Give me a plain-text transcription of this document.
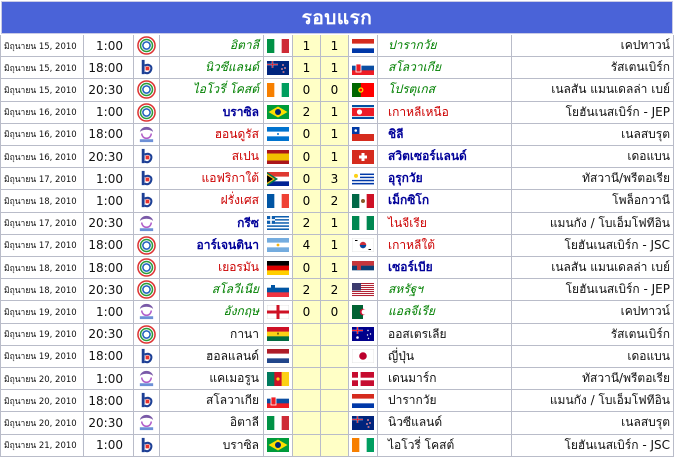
รอบแรก
มิถุนายน 15, 2010 1:00	อิตาลี	1 1	ปารากวัย	เคปทาวน์
มิถุนายน 15, 2010 18:00	นิวซีแลนด์	1 1	สโลวาเกีย	รัสเตนเบิร์ก
มิถุนายน 15, 2010 20:30	ไอโวรี่ โคสต์	0 0	โปรตุเกส	เนลสัน แมนเดลล่า เบย์
มิถุนายน 16, 2010 1:00	บราซิล	2 1	เกาหลีเหนือ	โยฮันเนสเบิร์ก - JEP
มิถุนายน 16, 2010 18:00	ฮอนดูรัส	0 1	ชิลี	เนลสบรุต
มิถุนายน 16, 2010 20:30	สเปน	0 1	สวิตเซอร์แลนด์	เดอแบน
มิถุนายน 17, 2010 1:00	แอฟริกาใต้	0 3	อุรุกวัย	ทัสวานี/พรีตอเรีย
มิถุนายน 18, 2010 1:00	ฝรั่งเศส	0 2	เม็กซิโก	โพล็อกวานี
มิถุนายน 17, 2010 20:30	กรีซ	2 1	ไนจีเรีย	แมนกัง / โบเอ็มโฟทีอิน
มิถุนายน 17, 2010 18:00	อาร์เจนตินา	4 1	เกาหลีใต้	โยฮันเนสเบิร์ก - JSC
มิถุนายน 18, 2010 18:00	เยอรมัน	0 1	เซอร์เบีย	เนลสัน แมนเดลล่า เบย์
มิถุนายน 18, 2010 20:30	สโลวีเนีย	2 2	สหรัฐฯ	โยฮันเนสเบิร์ก - JEP
มิถุนายน 19, 2010 1:00	อังกฤษ	0 0	แอลจีเรีย	เคปทาวน์
มิถุนายน 19, 2010 20:30	กานา	ออสเตรเลีย	รัสเตนเบิร์ก
มิถุนายน 19, 2010 18:00	ฮอลแลนด์	ญี่ปุ่น	เดอแบน
มิถุนายน 20, 2010 1:00	แคเมอรูน	เดนมาร์ก	ทัสวานี/พรีตอเรีย
มิถุนายน 20, 2010 18:00	สโลวาเกีย	ปารากวัย	แมนกัง / โบเอ็มโฟทีอิน
มิถุนายน 20, 2010 20:30	อิตาลี	นิวซีแลนด์	เนลสบรุต
มิถุนายน 21, 2010 1:00	บราซิล	ไอโวรี่ โคสต์	โยฮันเนสเบิร์ก - JSC
